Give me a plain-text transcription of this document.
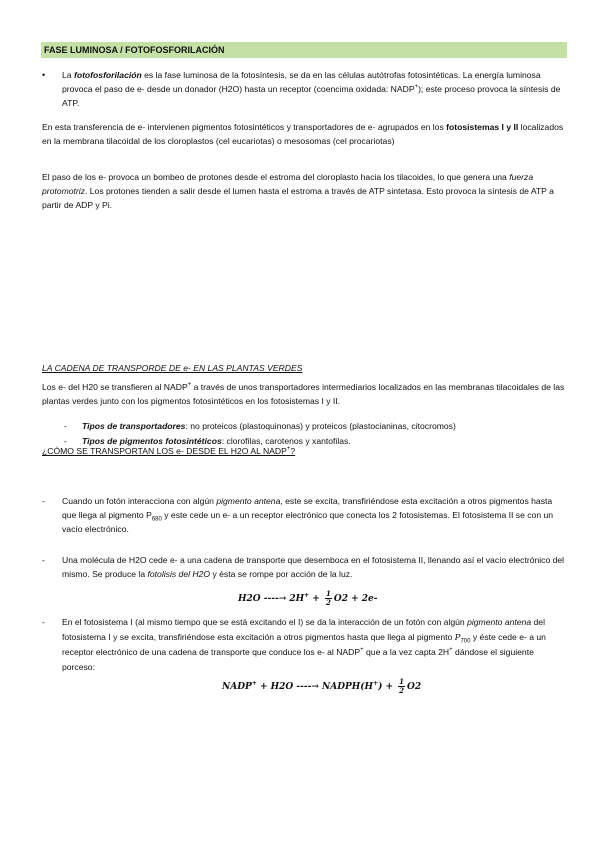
FASE LUMINOSA / FOTOFOSFORILACIÓN
• La fotofosforilación es la fase luminosa de la fotosíntesis, se da en las células autótrofas fotosintéticas. La energía luminosa provoca el paso de e- desde un donador (H2O) hasta un receptor (coencima oxidada: NADP+); este proceso provoca la síntesis de ATP.

En esta transferencia de e- intervienen pigmentos fotosintéticos y transportadores de e- agrupados en los fotosistemas I y II localizados en la membrana tilacoidal de los cloroplastos (cel eucariotas) o mesosomas (cel procariotas)

El paso de los e- provoca un bombeo de protones desde el estroma del cloroplasto hacia los tilacoides, lo que genera una fuerza protomotriz. Los protones tienden a salir desde el lumen hasta el estroma a través de ATP sintetasa. Esto provoca la síntesis de ATP a partir de ADP y Pi.

LA CADENA DE TRANSPORDE DE e- EN LAS PLANTAS VERDES

Los e- del H20 se transfieren al NADP+ a través de unos transportadores intermediarios localizados en las membranas tilacoidales de las plantas verdes junto con los pigmentos fotosintéticos en los fotosistemas I y II.

- Tipos de transportadores: no proteicos (plastoquinonas) y proteicos (plastocianinas, citocromos)
- Tipos de pigmentos fotosintéticos: clorofilas, carotenos y xantofilas.
¿CÓMO SE TRANSPORTAN LOS e- DESDE EL H2O AL NADP+?
- Cuando un fotón interacciona con algún pigmento antena, este se excita, transfiriéndose esta excitación a otros pigmentos hasta que llega al pigmento $P_{680}$ y este cede un e- a un receptor electrónico que conecta los 2 fotosistemas. El fotosistema II se con un vacío electrónico.

- Una molécula de H2O cede e- a una cadena de transporte que desemboca en el fotosistema II, llenando así el vacío electrónico del mismo. Se produce la fotolisis del H2O y ésta se rompe por acción de la luz.

H2O ----→ $2H^+ + \frac{1}{2} O2 + 2e-$
- En el fotosistema I (al mismo tiempo que se está excitando el I) se da la interacción de un fotón con algún pigmento antena del fotosistema I y se excita, transfiriéndose esta excitación a otros pigmentos hasta que llega al pigmento $P_{700}$ y éste cede e- a un receptor electrónico de una cadena de transporte que conduce los e- al NADP+ que a la vez capta 2H+ dándose el siguiente porceso:

NADP+ + H2O ----→ NADPH(H+) + $\frac{1}{2} O2$
